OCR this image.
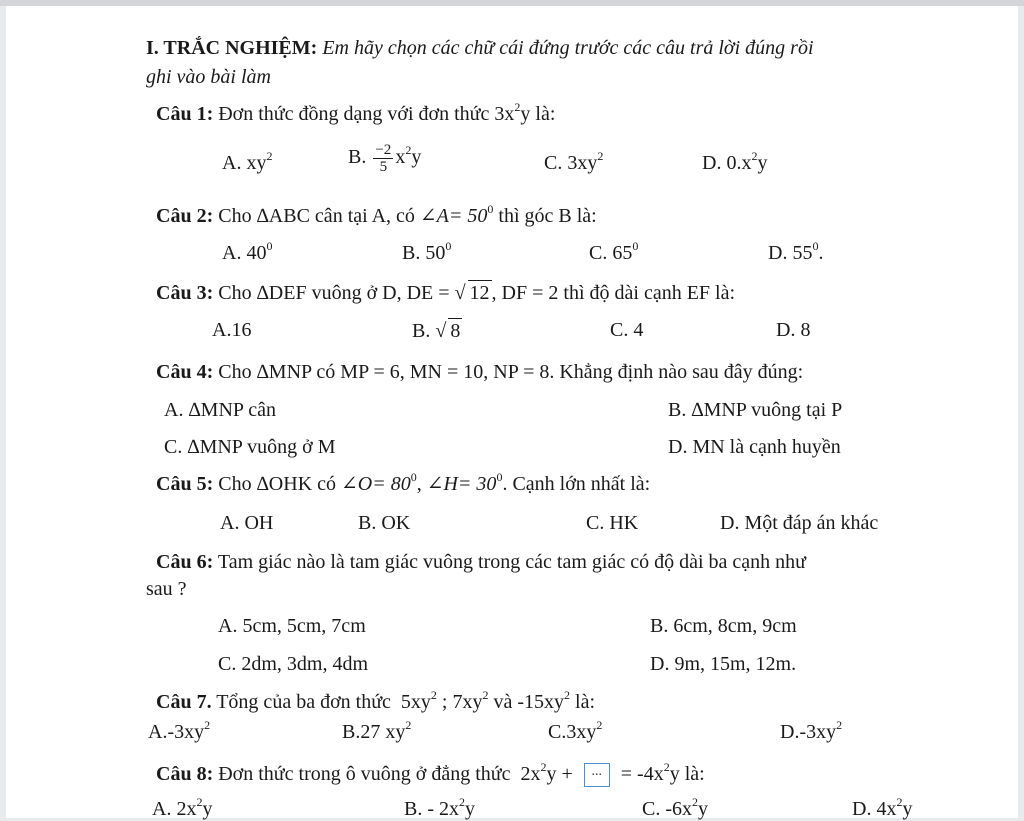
I. TRẮC NGHIỆM: Em hãy chọn các chữ cái đứng trước các câu trả lời đúng rồi
ghi vào bài làm
Câu 1: Đơn thức đồng dạng với đơn thức $3x^2y$ là:
A. $xy^2$	B. $\frac{-2}{5} x^2y$	C. $3xy^2$	D. $0.x^2y$
Câu 2: Cho ∆ABC cân tại A, có ∠A= $50^0$ thì góc B là:
A. $40^0$	B. $50^0$	C. $65^0$	D. $55^0$.
Câu 3: Cho ∆DEF vuông ở D, DE = √ 12 , DF = 2 thì độ dài cạnh EF là:
A.16	B. √ 8	C. 4	D. 8
Câu 4: Cho ∆MNP có MP = 6, MN = 10, NP = 8. Khẳng định nào sau đây đúng:
A. ∆MNP cân	B. ∆MNP vuông tại P
C. ∆MNP vuông ở M	D. MN là cạnh huyền
Câu 5: Cho ∆OHK có ∠O= $80^0$, ∠H= $30^0$. Cạnh lớn nhất là:
A. OH	B. OK	C. HK	D. Một đáp án khác
Câu 6: Tam giác nào là tam giác vuông trong các tam giác có độ dài ba cạnh như
sau ?
A. 5cm, 5cm, 7cm	B. 6cm, 8cm, 9cm
C. 2dm, 3dm, 4dm	D. 9m, 15m, 12m.
Câu 7. Tổng của ba đơn thức $5xy^2$ ; $7xy^2$ và $-15xy^2$ là:
$A.-3xy^2$	B.27 $xy^2$	$C.3xy^2$	$D.-3xy^2$
Câu 8: Đơn thức trong ô vuông ở đẳng thức $2x^2y$ + ... = $-4x^2y$ là:
A. $2x^2y$	B. - $2x^2y$	C. $-6x^2y$	D. $4x^2y$
